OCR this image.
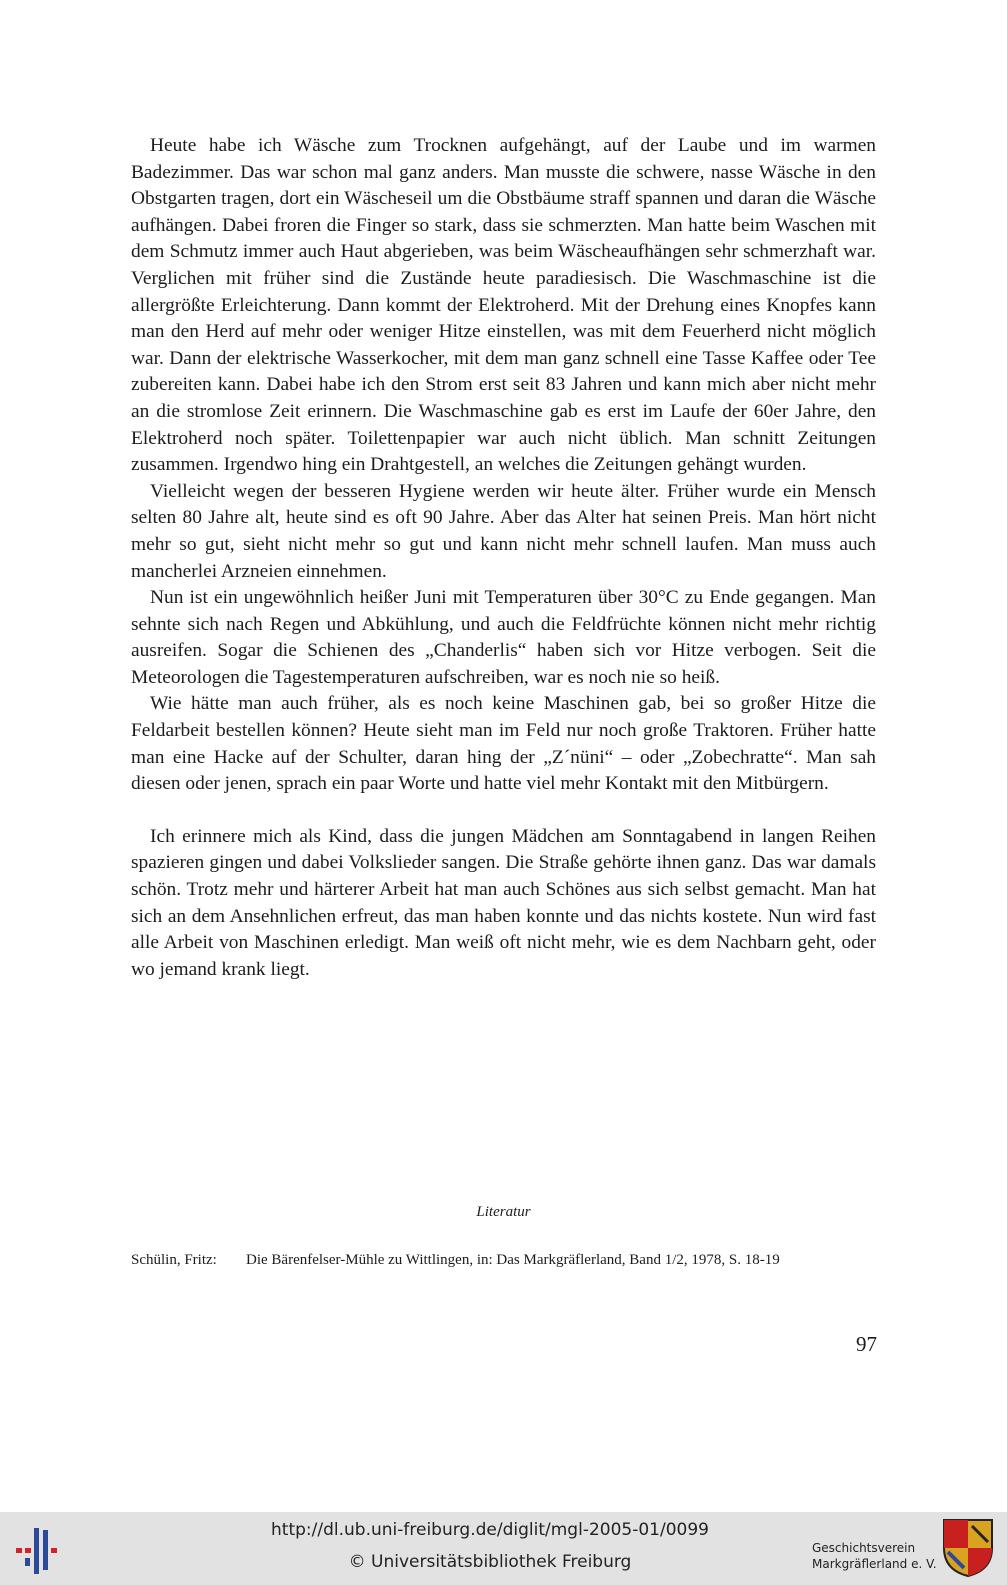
Heute habe ich Wäsche zum Trocknen aufgehängt, auf der Laube und im warmen Badezimmer. Das war schon mal ganz anders. Man musste die schwere, nasse Wäsche in den Obstgarten tragen, dort ein Wäscheseil um die Obstbäume straff spannen und daran die Wäsche aufhängen. Dabei froren die Finger so stark, dass sie schmerzten. Man hatte beim Waschen mit dem Schmutz immer auch Haut abgerieben, was beim Wäscheaufhängen sehr schmerzhaft war. Verglichen mit früher sind die Zustände heute paradiesisch. Die Waschmaschine ist die allergrößte Erleichterung. Dann kommt der Elektroherd. Mit der Drehung eines Knopfes kann man den Herd auf mehr oder weniger Hitze einstellen, was mit dem Feuerherd nicht möglich war. Dann der elektrische Wasserkocher, mit dem man ganz schnell eine Tasse Kaffee oder Tee zubereiten kann. Dabei habe ich den Strom erst seit 83 Jahren und kann mich aber nicht mehr an die stromlose Zeit erinnern. Die Waschmaschine gab es erst im Laufe der 60er Jahre, den Elektroherd noch später. Toilettenpapier war auch nicht üblich. Man schnitt Zeitungen zusammen. Irgendwo hing ein Drahtgestell, an welches die Zeitungen gehängt wurden.

Vielleicht wegen der besseren Hygiene werden wir heute älter. Früher wurde ein Mensch selten 80 Jahre alt, heute sind es oft 90 Jahre. Aber das Alter hat seinen Preis. Man hört nicht mehr so gut, sieht nicht mehr so gut und kann nicht mehr schnell laufen. Man muss auch mancherlei Arzneien einnehmen.

Nun ist ein ungewöhnlich heißer Juni mit Temperaturen über 30°C zu Ende gegangen. Man sehnte sich nach Regen und Abkühlung, und auch die Feldfrüchte können nicht mehr richtig ausreifen. Sogar die Schienen des „Chanderlis“ haben sich vor Hitze verbogen. Seit die Meteorologen die Tagestemperaturen aufschreiben, war es noch nie so heiß.

Wie hätte man auch früher, als es noch keine Maschinen gab, bei so großer Hitze die Feldarbeit bestellen können? Heute sieht man im Feld nur noch große Traktoren. Früher hatte man eine Hacke auf der Schulter, daran hing der „Z´nüni“ – oder „Zobechratte“. Man sah diesen oder jenen, sprach ein paar Worte und hatte viel mehr Kontakt mit den Mitbürgern.

Ich erinnere mich als Kind, dass die jungen Mädchen am Sonntagabend in langen Reihen spazieren gingen und dabei Volkslieder sangen. Die Straße gehörte ihnen ganz. Das war damals schön. Trotz mehr und härterer Arbeit hat man auch Schönes aus sich selbst gemacht. Man hat sich an dem Ansehnlichen erfreut, das man haben konnte und das nichts kostete. Nun wird fast alle Arbeit von Maschinen erledigt. Man weiß oft nicht mehr, wie es dem Nachbarn geht, oder wo jemand krank liegt.

Literatur
Schülin, Fritz:	Die Bärenfelser-Mühle zu Wittlingen, in: Das Markgräflerland, Band 1/2, 1978, S. 18-19
97
http://dl.ub.uni-freiburg.de/diglit/mgl-2005-01/0099
© Universitätsbibliothek Freiburg
Geschichtsverein
Markgräflerland e. V.
